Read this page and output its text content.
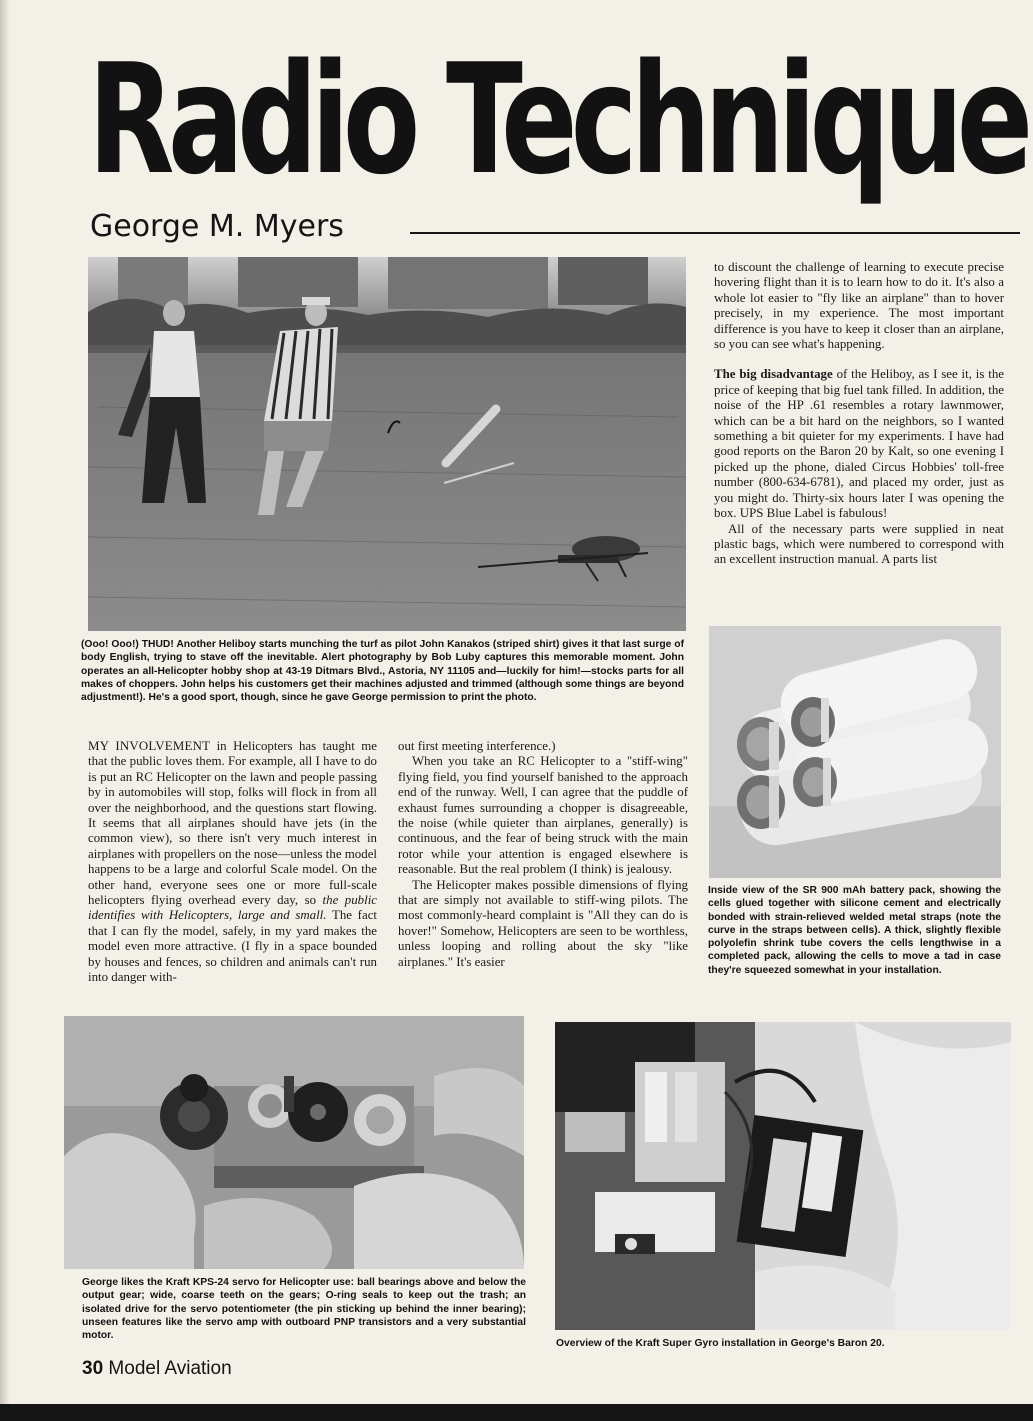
Radio Technique
George M. Myers

(Ooo! Ooo!) THUD! Another Heliboy starts munching the turf as pilot John Kanakos (striped shirt) gives it that last surge of body English, trying to stave off the inevitable. Alert photography by Bob Luby captures this memorable moment. John operates an all-Helicopter hobby shop at 43-19 Ditmars Blvd., Astoria, NY 11105 and—luckily for him!—stocks parts for all makes of choppers. John helps his customers get their machines adjusted and trimmed (although some things are beyond adjustment!). He's a good sport, though, since he gave George permission to print the photo.

to discount the challenge of learning to execute precise hovering flight than it is to learn how to do it. It's also a whole lot easier to "fly like an airplane" than to hover precisely, in my experience. The most important difference is you have to keep it closer than an airplane, so you can see what's happening.

The big disadvantage of the Heliboy, as I see it, is the price of keeping that big fuel tank filled. In addition, the noise of the HP .61 resembles a rotary lawnmower, which can be a bit hard on the neighbors, so I wanted something a bit quieter for my experiments. I have had good reports on the Baron 20 by Kalt, so one evening I picked up the phone, dialed Circus Hobbies' toll-free number (800-634-6781), and placed my order, just as you might do. Thirty-six hours later I was opening the box. UPS Blue Label is fabulous!

All of the necessary parts were supplied in neat plastic bags, which were numbered to correspond with an excellent instruction manual. A parts list

Inside view of the SR 900 mAh battery pack, showing the cells glued together with silicone cement and electrically bonded with strain-relieved welded metal straps (note the curve in the straps between cells). A thick, slightly flexible polyolefin shrink tube covers the cells lengthwise in a completed pack, allowing the cells to move a tad in case they're squeezed somewhat in your installation.

MY INVOLVEMENT in Helicopters has taught me that the public loves them. For example, all I have to do is put an RC Helicopter on the lawn and people passing by in automobiles will stop, folks will flock in from all over the neighborhood, and the questions start flowing. It seems that all airplanes should have jets (in the common view), so there isn't very much interest in airplanes with propellers on the nose—unless the model happens to be a large and colorful Scale model. On the other hand, everyone sees one or more full-scale helicopters flying overhead every day, so the public identifies with Helicopters, large and small. The fact that I can fly the model, safely, in my yard makes the model even more attractive. (I fly in a space bounded by houses and fences, so children and animals can't run into danger with-

out first meeting interference.)

When you take an RC Helicopter to a "stiff-wing" flying field, you find yourself banished to the approach end of the runway. Well, I can agree that the puddle of exhaust fumes surrounding a chopper is disagreeable, the noise (while quieter than airplanes, generally) is continuous, and the fear of being struck with the main rotor while your attention is engaged elsewhere is reasonable. But the real problem (I think) is jealousy.

The Helicopter makes possible dimensions of flying that are simply not available to stiff-wing pilots. The most commonly-heard complaint is "All they can do is hover!" Somehow, Helicopters are seen to be worthless, unless looping and rolling about the sky "like airplanes." It's easier

George likes the Kraft KPS-24 servo for Helicopter use: ball bearings above and below the output gear; wide, coarse teeth on the gears; O-ring seals to keep out the trash; an isolated drive for the servo potentiometer (the pin sticking up behind the inner bearing); unseen features like the servo amp with outboard PNP transistors and a very substantial motor.

Overview of the Kraft Super Gyro installation in George's Baron 20.

30 Model Aviation
